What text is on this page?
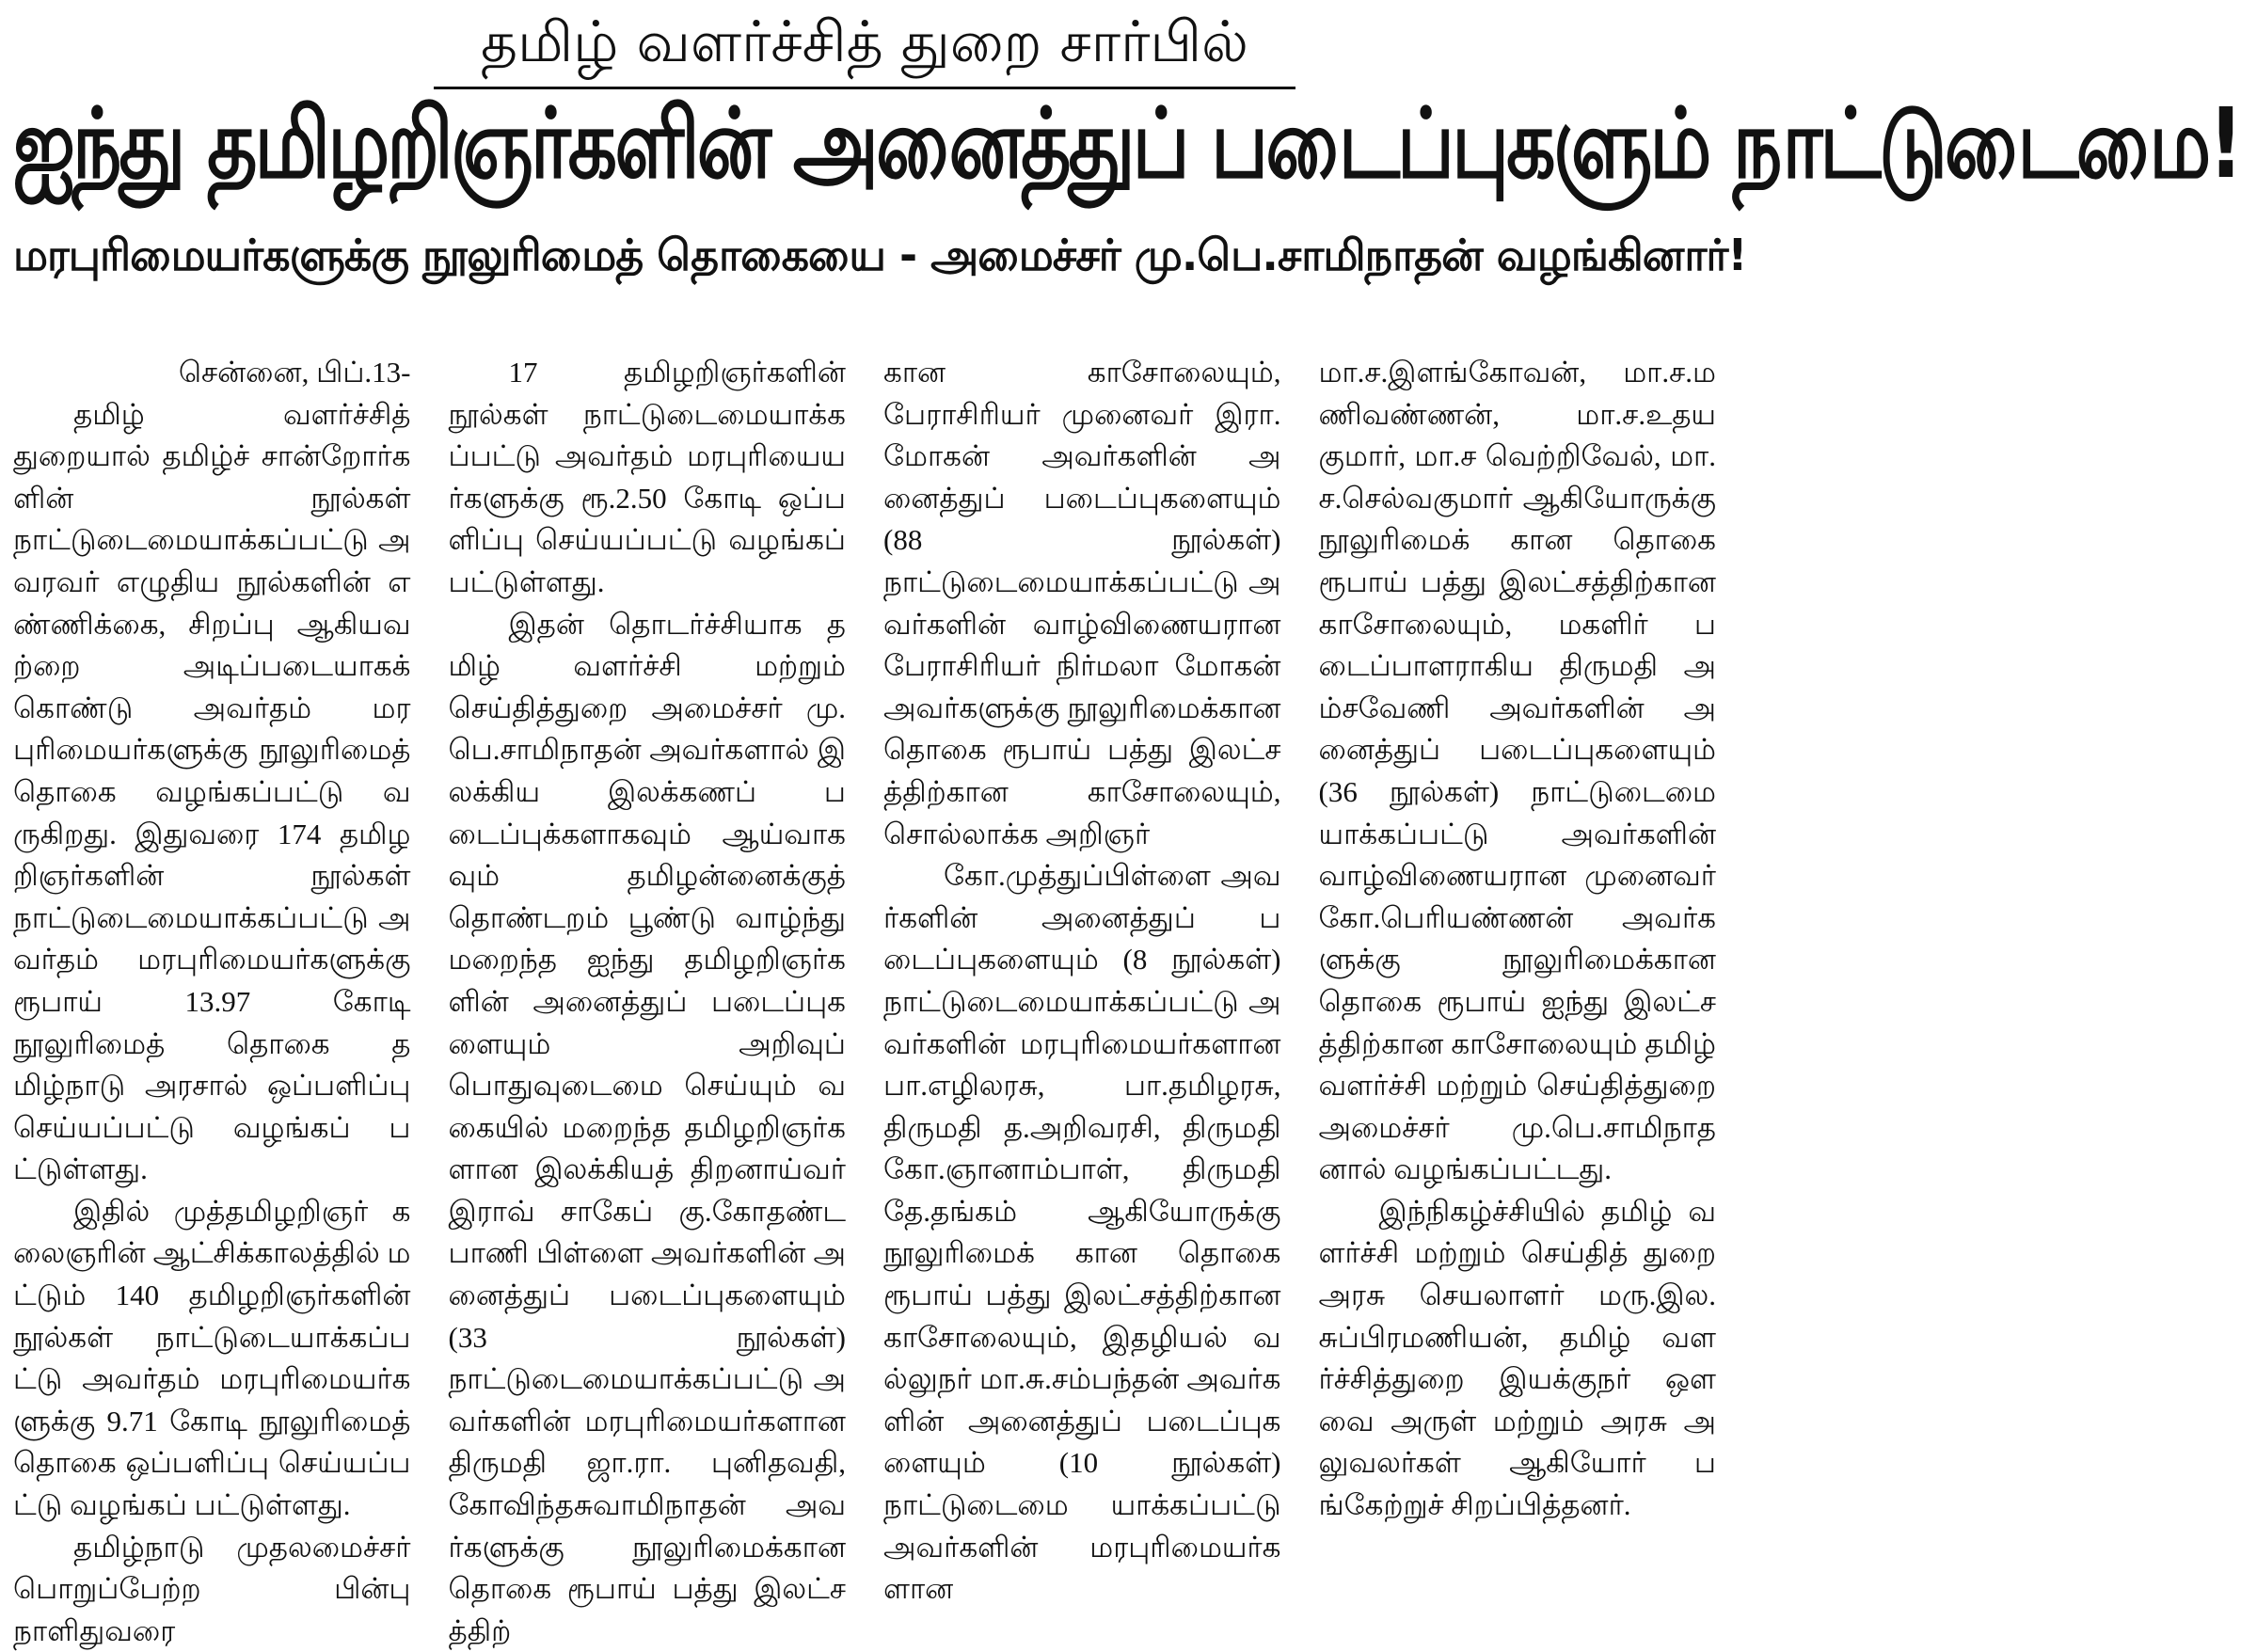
தமிழ் வளர்ச்சித் துறை சார்பில்
ஐந்து தமிழறிஞர்களின் அனைத்துப் படைப்புகளும் நாட்டுடைமை!
மரபுரிமையர்களுக்கு நூலுரிமைத் தொகையை - அமைச்சர் மு.பெ.சாமிநாதன் வழங்கினார்!

சென்னை, பிப்.13-

தமிழ் வளர்ச்சித் துறையால் தமிழ்ச் சான்றோர்களின் நூல்கள் நாட்டுடைமையாக்கப்பட்டு அவரவர் எழுதிய நூல்களின் எண்ணிக்கை, சிறப்பு ஆகியவற்றை அடிப்படையாகக் கொண்டு அவர்தம் மரபுரிமையர்களுக்கு நூலுரிமைத் தொகை வழங்கப்பட்டு வருகிறது. இதுவரை 174 தமிழறிஞர்களின் நூல்கள் நாட்டுடைமையாக்கப்பட்டு அவர்தம் மரபுரிமையர்களுக்கு ரூபாய் 13.97 கோடி நூலுரிமைத் தொகை தமிழ்நாடு அரசால் ஒப்பளிப்பு செய்யப்பட்டு வழங்கப் பட்டுள்ளது.

இதில் முத்தமிழறிஞர் கலைஞரின் ஆட்சிக்காலத்தில் மட்டும் 140 தமிழறிஞர்களின் நூல்கள் நாட்டுடையாக்கப்பட்டு அவர்தம் மரபுரிமையர்களுக்கு 9.71 கோடி நூலுரிமைத் தொகை ஒப்பளிப்பு செய்யப்பட்டு வழங்கப் பட்டுள்ளது.

தமிழ்நாடு முதலமைச்சர் பொறுப்பேற்ற பின்பு நாளிதுவரை

17 தமிழறிஞர்களின் நூல்கள் நாட்டுடைமையாக்கப்பட்டு அவர்தம் மரபுரியையர்களுக்கு ரூ.2.50 கோடி ஒப்பளிப்பு செய்யப்பட்டு வழங்கப் பட்டுள்ளது.

இதன் தொடர்ச்சியாக தமிழ் வளர்ச்சி மற்றும் செய்தித்துறை அமைச்சர் மு.பெ.சாமிநாதன் அவர்களால் இலக்கிய இலக்கணப் படைப்புக்களாகவும் ஆய்வாகவும் தமிழன்னைக்குத் தொண்டறம் பூண்டு வாழ்ந்து மறைந்த ஐந்து தமிழறிஞர்களின் அனைத்துப் படைப்புகளையும் அறிவுப் பொதுவுடைமை செய்யும் வகையில் மறைந்த தமிழறிஞர்களான இலக்கியத் திறனாய்வர் இராவ் சாகேப் கு.கோதண்டபாணி பிள்ளை அவர்களின் அனைத்துப் படைப்புகளையும் (33 நூல்கள்) நாட்டுடைமையாக்கப்பட்டு அவர்களின் மரபுரிமையர்களான திருமதி ஜா.ரா. புனிதவதி, கோவிந்தசுவாமிநாதன் அவர்களுக்கு நூலுரிமைக்கான தொகை ரூபாய் பத்து இலட்சத்திற்

கான காசோலையும், பேராசிரியர் முனைவர் இரா.மோகன் அவர்களின் அனைத்துப் படைப்புகளையும் (88 நூல்கள்) நாட்டுடைமையாக்கப்பட்டு அவர்களின் வாழ்விணையரான பேராசிரியர் நிர்மலா மோகன் அவர்களுக்கு நூலுரிமைக்கான தொகை ரூபாய் பத்து இலட்சத்திற்கான காசோலையும், சொல்லாக்க அறிஞர்

கோ.முத்துப்பிள்ளை அவர்களின் அனைத்துப் படைப்புகளையும் (8 நூல்கள்) நாட்டுடைமையாக்கப்பட்டு அவர்களின் மரபுரிமையர்களான பா.எழிலரசு, பா.தமிழரசு, திருமதி த.அறிவரசி, திருமதி கோ.ஞானாம்பாள், திருமதி தே.தங்கம் ஆகியோருக்கு நூலுரிமைக் கான தொகை ரூபாய் பத்து இலட்சத்திற்கான காசோலையும், இதழியல் வல்லுநர் மா.சு.சம்பந்தன் அவர்களின் அனைத்துப் படைப்புகளையும் (10 நூல்கள்) நாட்டுடைமை யாக்கப்பட்டு அவர்களின் மரபுரிமையர்களான

மா.ச.இளங்கோவன், மா.ச.மணிவண்ணன், மா.ச.உதயகுமார், மா.ச வெற்றிவேல், மா.ச.செல்வகுமார் ஆகியோருக்கு நூலுரிமைக் கான தொகை ரூபாய் பத்து இலட்சத்திற்கான காசோலையும், மகளிர் படைப்பாளராகிய திருமதி அம்சவேணி அவர்களின் அனைத்துப் படைப்புகளையும் (36 நூல்கள்) நாட்டுடைமை யாக்கப்பட்டு அவர்களின் வாழ்விணையரான முனைவர் கோ.பெரியண்ணன் அவர்களுக்கு நூலுரிமைக்கான தொகை ரூபாய் ஐந்து இலட்சத்திற்கான காசோலையும் தமிழ் வளர்ச்சி மற்றும் செய்தித்துறை அமைச்சர் மு.பெ.சாமிநாதனால் வழங்கப்பட்டது.

இந்நிகழ்ச்சியில் தமிழ் வளர்ச்சி மற்றும் செய்தித் துறை அரசு செயலாளர் மரு.இல.சுப்பிரமணியன், தமிழ் வளர்ச்சித்துறை இயக்குநர் ஒளவை அருள் மற்றும் அரசு அலுவலர்கள் ஆகியோர் பங்கேற்றுச் சிறப்பித்தனர்.
